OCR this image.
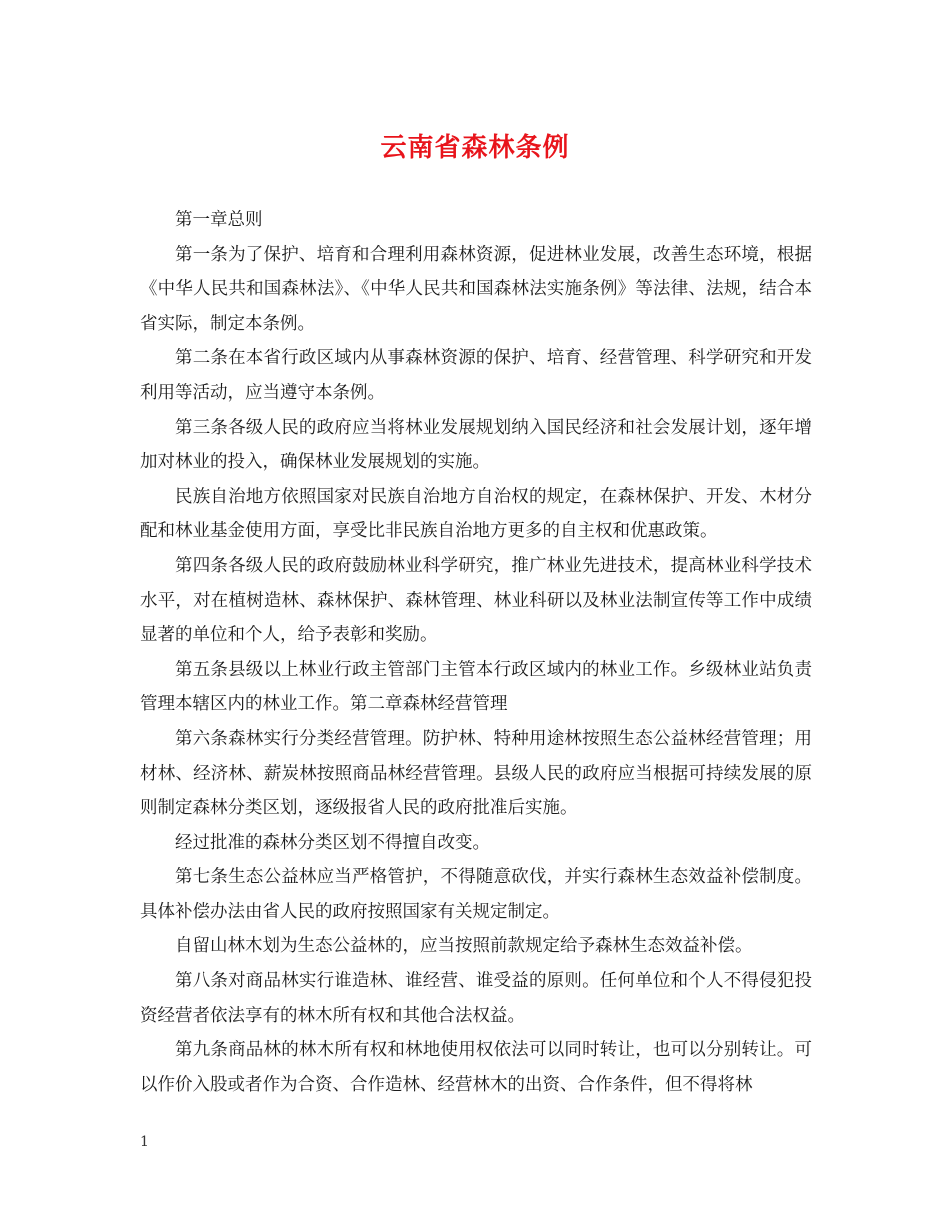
云南省森林条例

第一章总则

第一条为了保护、培育和合理利用森林资源，促进林业发展，改善生态环境，根据《中华人民共和国森林法》、《中华人民共和国森林法实施条例》等法律、法规，结合本省实际，制定本条例。

第二条在本省行政区域内从事森林资源的保护、培育、经营管理、科学研究和开发利用等活动，应当遵守本条例。

第三条各级人民的政府应当将林业发展规划纳入国民经济和社会发展计划，逐年增加对林业的投入，确保林业发展规划的实施。

民族自治地方依照国家对民族自治地方自治权的规定，在森林保护、开发、木材分配和林业基金使用方面，享受比非民族自治地方更多的自主权和优惠政策。

第四条各级人民的政府鼓励林业科学研究，推广林业先进技术，提高林业科学技术水平，对在植树造林、森林保护、森林管理、林业科研以及林业法制宣传等工作中成绩显著的单位和个人，给予表彰和奖励。

第五条县级以上林业行政主管部门主管本行政区域内的林业工作。乡级林业站负责管理本辖区内的林业工作。第二章森林经营管理

第六条森林实行分类经营管理。防护林、特种用途林按照生态公益林经营管理；用材林、经济林、薪炭林按照商品林经营管理。县级人民的政府应当根据可持续发展的原则制定森林分类区划，逐级报省人民的政府批准后实施。

经过批准的森林分类区划不得擅自改变。

第七条生态公益林应当严格管护，不得随意砍伐，并实行森林生态效益补偿制度。具体补偿办法由省人民的政府按照国家有关规定制定。

自留山林木划为生态公益林的，应当按照前款规定给予森林生态效益补偿。

第八条对商品林实行谁造林、谁经营、谁受益的原则。任何单位和个人不得侵犯投资经营者依法享有的林木所有权和其他合法权益。

第九条商品林的林木所有权和林地使用权依法可以同时转让，也可以分别转让。可以作价入股或者作为合资、合作造林、经营林木的出资、合作条件，但不得将林

1
